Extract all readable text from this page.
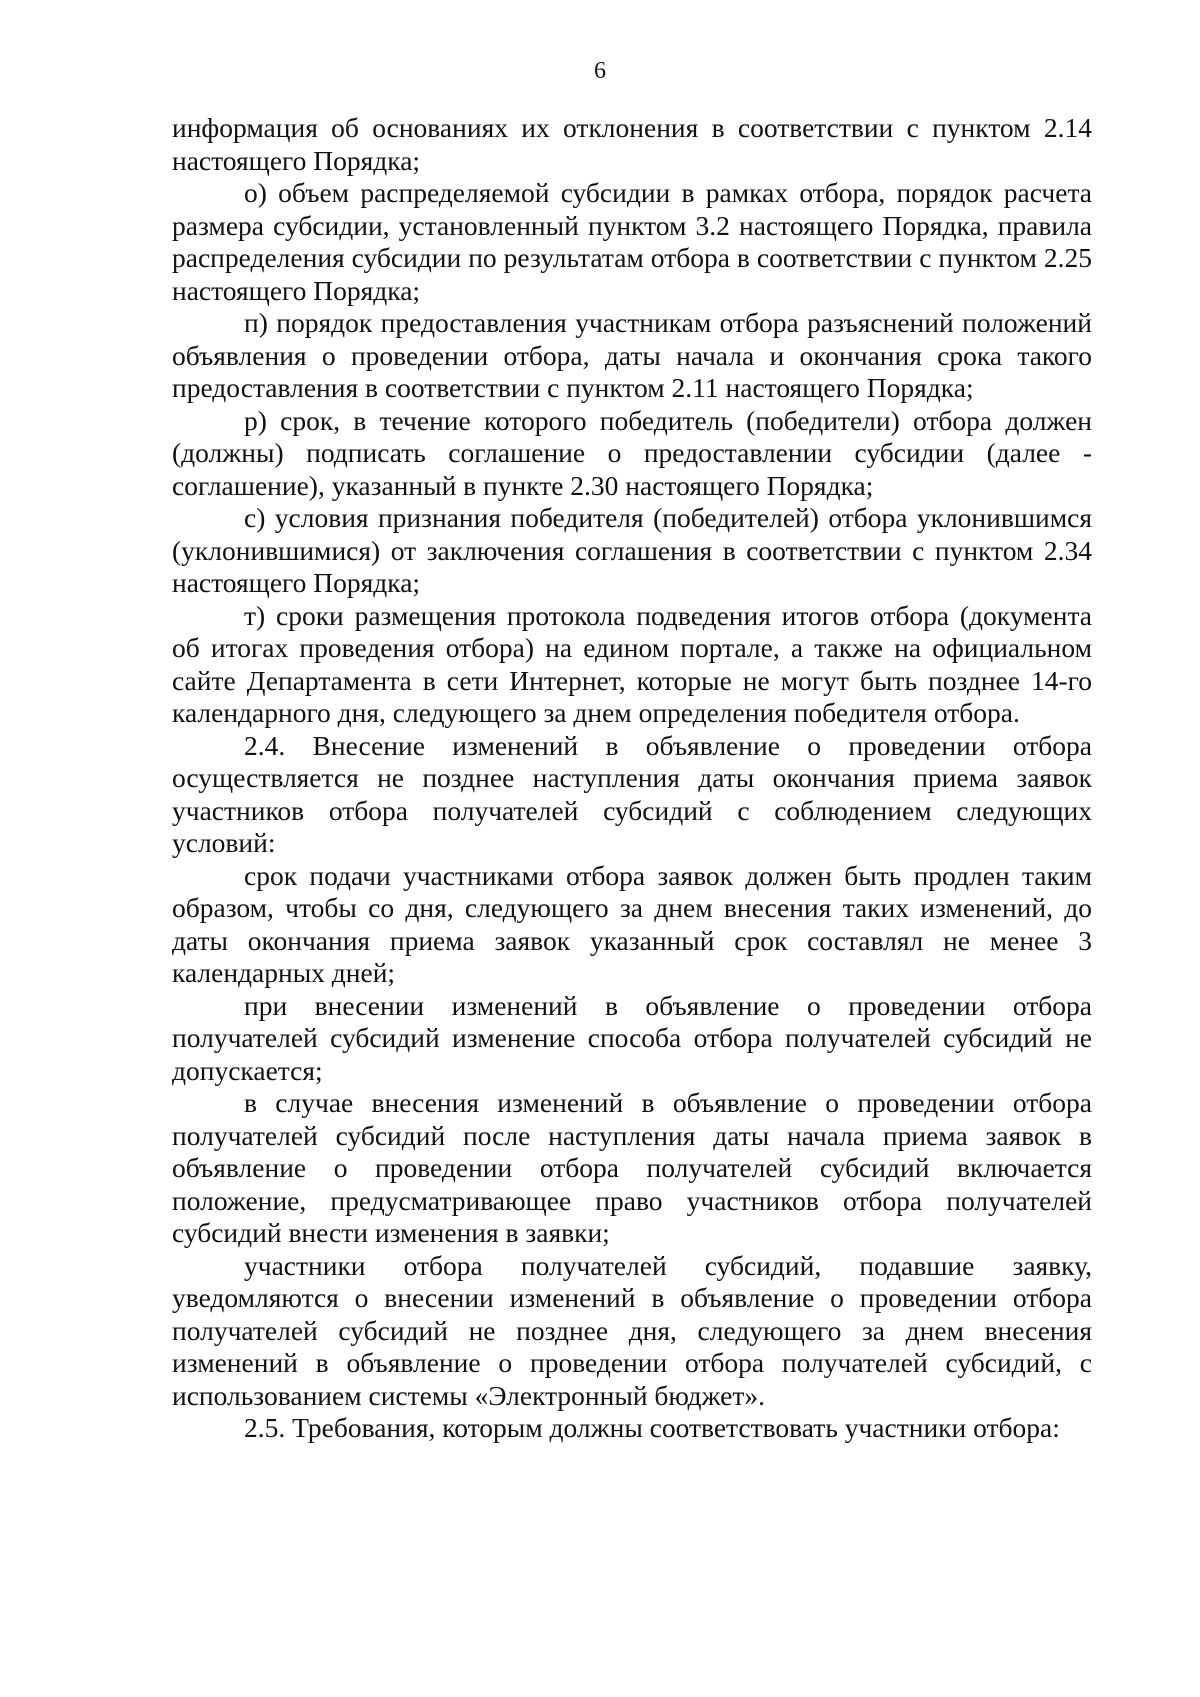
6

информация об основаниях их отклонения в соответствии с пунктом 2.14 настоящего Порядка;

о) объем распределяемой субсидии в рамках отбора, порядок расчета размера субсидии, установленный пунктом 3.2 настоящего Порядка, правила распределения субсидии по результатам отбора в соответствии с пунктом 2.25 настоящего Порядка;

п) порядок предоставления участникам отбора разъяснений положений объявления о проведении отбора, даты начала и окончания срока такого предоставления в соответствии с пунктом 2.11 настоящего Порядка;

р) срок, в течение которого победитель (победители) отбора должен (должны) подписать соглашение о предоставлении субсидии (далее - соглашение), указанный в пункте 2.30 настоящего Порядка;

с) условия признания победителя (победителей) отбора уклонившимся (уклонившимися) от заключения соглашения в соответствии с пунктом 2.34 настоящего Порядка;

т) сроки размещения протокола подведения итогов отбора (документа об итогах проведения отбора) на едином портале, а также на официальном сайте Департамента в сети Интернет, которые не могут быть позднее 14-го календарного дня, следующего за днем определения победителя отбора.

2.4. Внесение изменений в объявление о проведении отбора осуществляется не позднее наступления даты окончания приема заявок участников отбора получателей субсидий с соблюдением следующих условий:

срок подачи участниками отбора заявок должен быть продлен таким образом, чтобы со дня, следующего за днем внесения таких изменений, до даты окончания приема заявок указанный срок составлял не менее 3 календарных дней;

при внесении изменений в объявление о проведении отбора получателей субсидий изменение способа отбора получателей субсидий не допускается;

в случае внесения изменений в объявление о проведении отбора получателей субсидий после наступления даты начала приема заявок в объявление о проведении отбора получателей субсидий включается положение, предусматривающее право участников отбора получателей субсидий внести изменения в заявки;

участники отбора получателей субсидий, подавшие заявку, уведомляются о внесении изменений в объявление о проведении отбора получателей субсидий не позднее дня, следующего за днем внесения изменений в объявление о проведении отбора получателей субсидий, с использованием системы «Электронный бюджет».

2.5. Требования, которым должны соответствовать участники отбора:
